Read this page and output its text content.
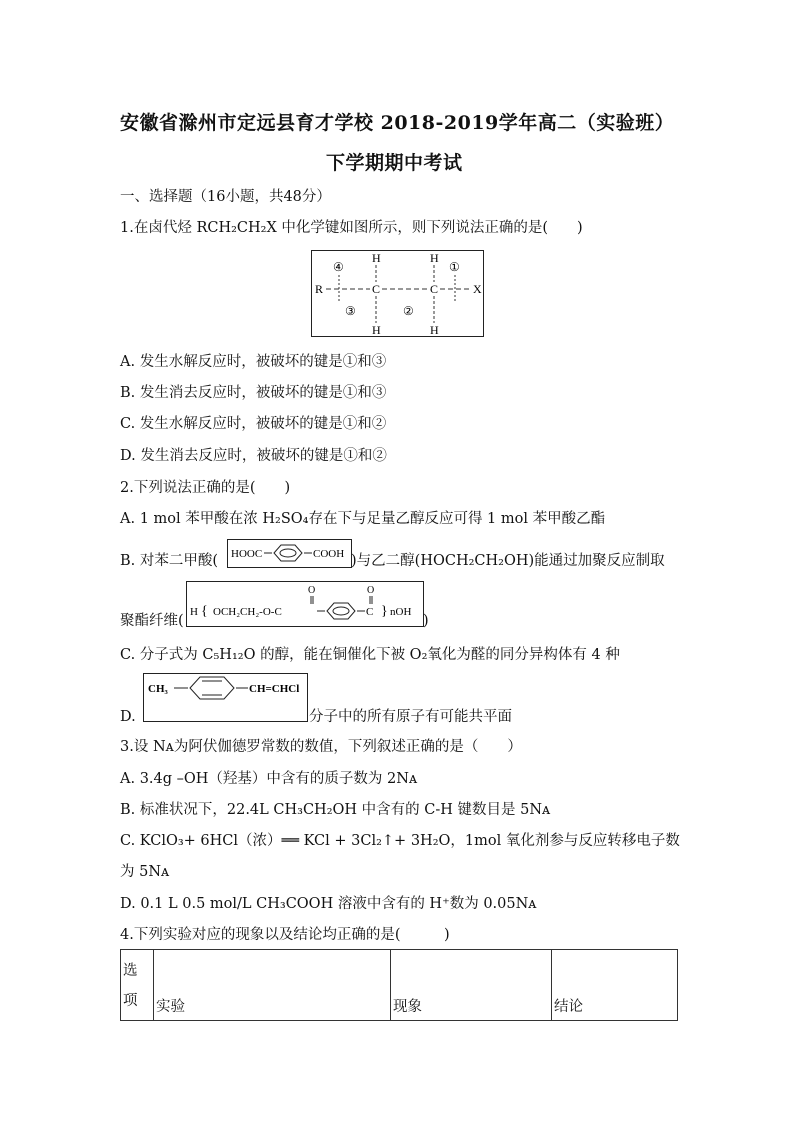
安徽省滁州市定远县育才学校 2018-2019学年高二（实验班）
下学期期中考试
一、选择题（16小题，共48分）
1.在卤代烃 RCH₂CH₂X 中化学键如图所示，则下列说法正确的是(　　)
R	C	C	X
H	H
H	H
④	①
③	②
A. 发生水解反应时，被破坏的键是①和③
B. 发生消去反应时，被破坏的键是①和③
C. 发生水解反应时，被破坏的键是①和②
D. 发生消去反应时，被破坏的键是①和②
2.下列说法正确的是(　　)
A. 1 mol 苯甲酸在浓 H₂SO₄存在下与足量乙醇反应可得 1 mol 苯甲酸乙酯
B. 对苯二甲酸( HOOC	COOH )与乙二醇(HOCH₂CH₂OH)能通过加聚反应制取
聚酯纤维(
H { OCH₂CH₂-O-C
O
C
O
} nOH
)
C. 分子式为 C₅H₁₂O 的醇，能在铜催化下被 O₂氧化为醛的同分异构体有 4 种
CH₃	CH=CHCl
D.	分子中的所有原子有可能共平面
3.设 Nᴀ为阿伏伽德罗常数的数值，下列叙述正确的是（　　）
A. 3.4g –OH（羟基）中含有的质子数为 2Nᴀ
B. 标准状况下，22.4L CH₃CH₂OH 中含有的 C-H 键数目是 5Nᴀ
C. KClO₃+ 6HCl（浓）══ KCl + 3Cl₂↑+ 3H₂O，1mol 氧化剂参与反应转移电子数
为 5Nᴀ
D. 0.1 L 0.5 mol/L CH₃COOH 溶液中含有的 H⁺数为 0.05Nᴀ
4.下列实验对应的现象以及结论均正确的是(　　　)
选
项	实验	现象	结论
